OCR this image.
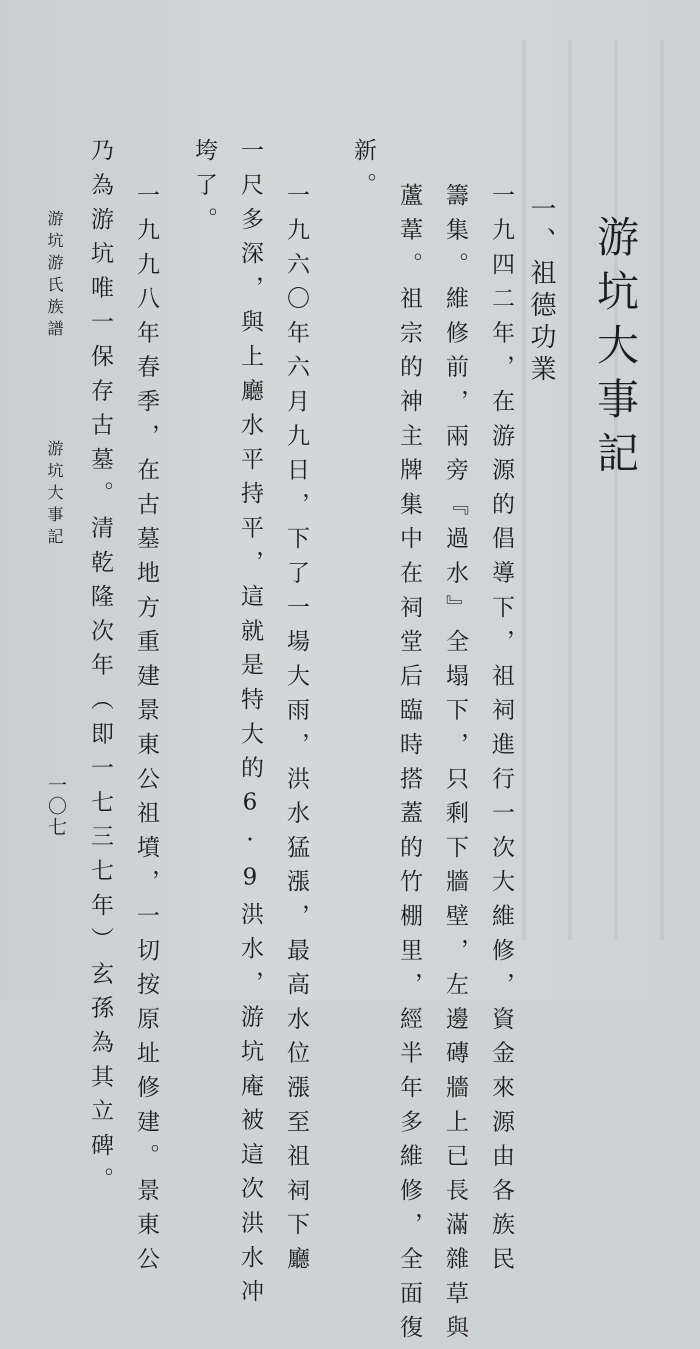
游坑大事記
一、祖德功業
一九四二年，在游源的倡導下，祖祠進行一次大維修，資金來源由各族民
籌集。維修前，兩旁『過水』全塌下，只剩下牆壁，左邊磚牆上已長滿雜草與
蘆葦。祖宗的神主牌集中在祠堂后臨時搭蓋的竹棚里，經半年多維修，全面復
新。
一九六〇年六月九日，下了一場大雨，洪水猛漲，最高水位漲至祖祠下廳
一尺多深，與上廳水平持平，這就是特大的6·9洪水，游坑庵被這次洪水冲
垮了。
一九九八年春季，在古墓地方重建景東公祖墳，一切按原址修建。景東公
乃為游坑唯一保存古墓。清乾隆次年（即一七三七年）玄孫為其立碑。
游坑游氏族譜
游坑大事記
一〇七
